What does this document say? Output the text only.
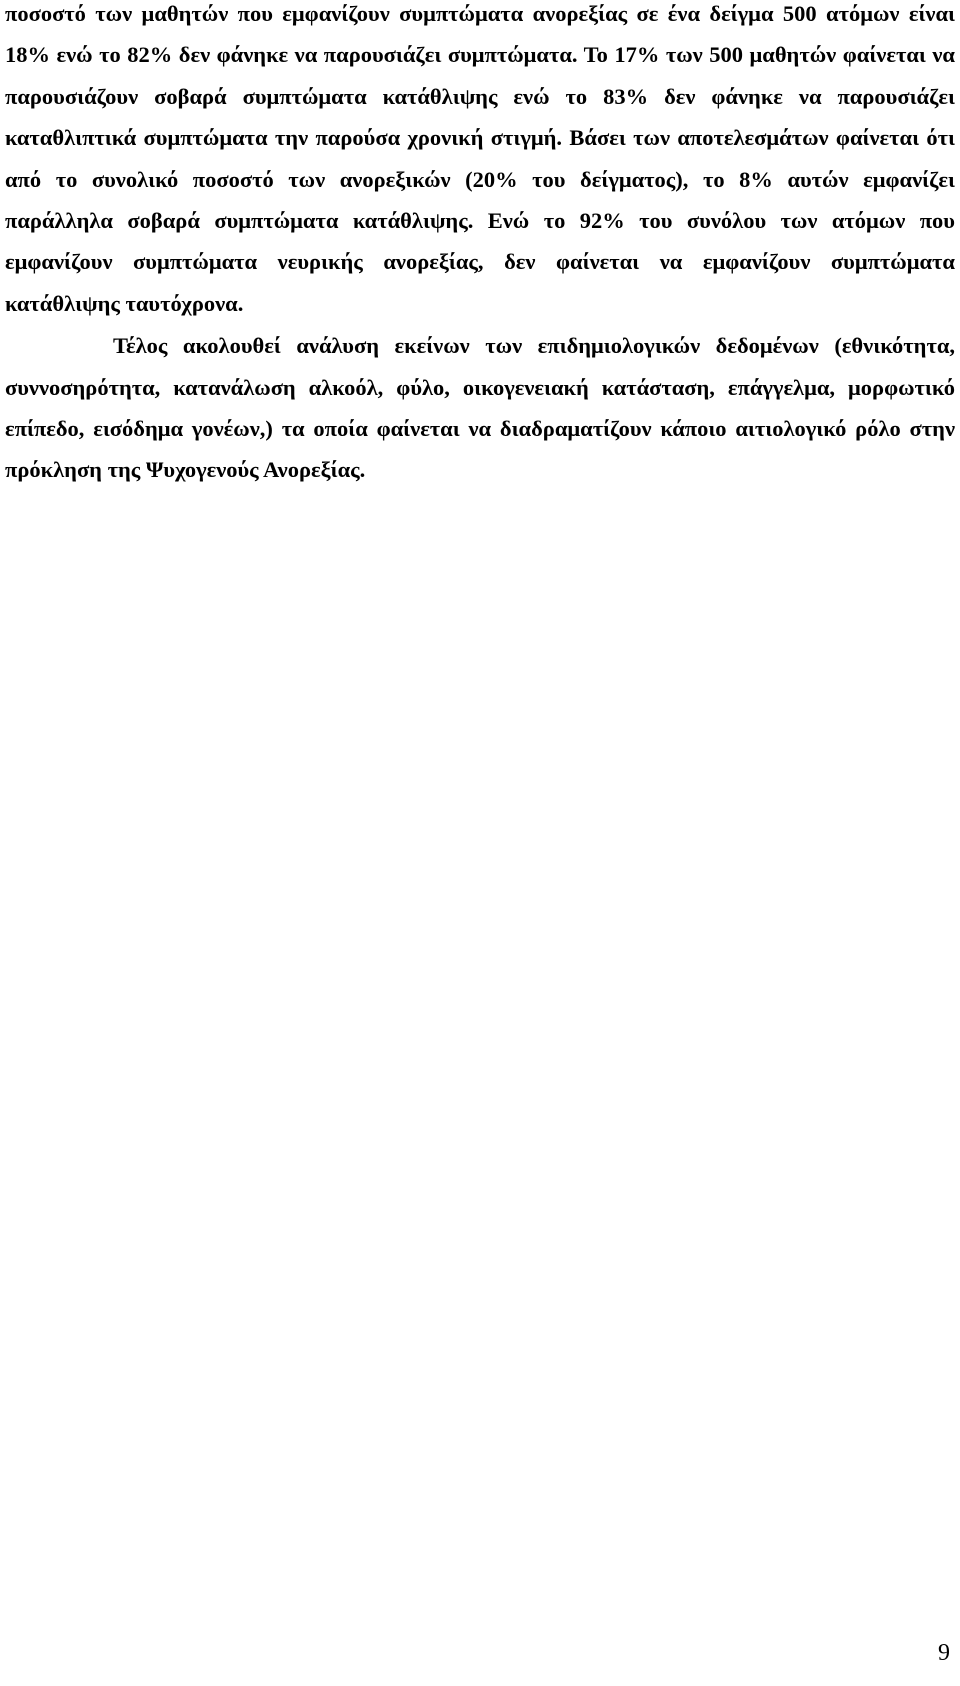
ποσοστό των μαθητών που εμφανίζουν συμπτώματα ανορεξίας σε ένα δείγμα 500 ατόμων είναι 18% ενώ το 82% δεν φάνηκε να παρουσιάζει συμπτώματα. Το 17% των 500 μαθητών φαίνεται να παρουσιάζουν σοβαρά συμπτώματα κατάθλιψης ενώ το 83% δεν φάνηκε να παρουσιάζει καταθλιπτικά συμπτώματα την παρούσα χρονική στιγμή. Βάσει των αποτελεσμάτων φαίνεται ότι από το συνολικό ποσοστό των ανορεξικών (20% του δείγματος), το 8% αυτών εμφανίζει παράλληλα σοβαρά συμπτώματα κατάθλιψης. Ενώ το 92% του συνόλου των ατόμων που εμφανίζουν συμπτώματα νευρικής ανορεξίας, δεν φαίνεται να εμφανίζουν συμπτώματα κατάθλιψης ταυτόχρονα.

Τέλος ακολουθεί ανάλυση εκείνων των επιδημιολογικών δεδομένων (εθνικότητα, συννοσηρότητα, κατανάλωση αλκοόλ, φύλο, οικογενειακή κατάσταση, επάγγελμα, μορφωτικό επίπεδο, εισόδημα γονέων,) τα οποία φαίνεται να διαδραματίζουν κάποιο αιτιολογικό ρόλο στην πρόκληση της Ψυχογενούς Ανορεξίας.

9
